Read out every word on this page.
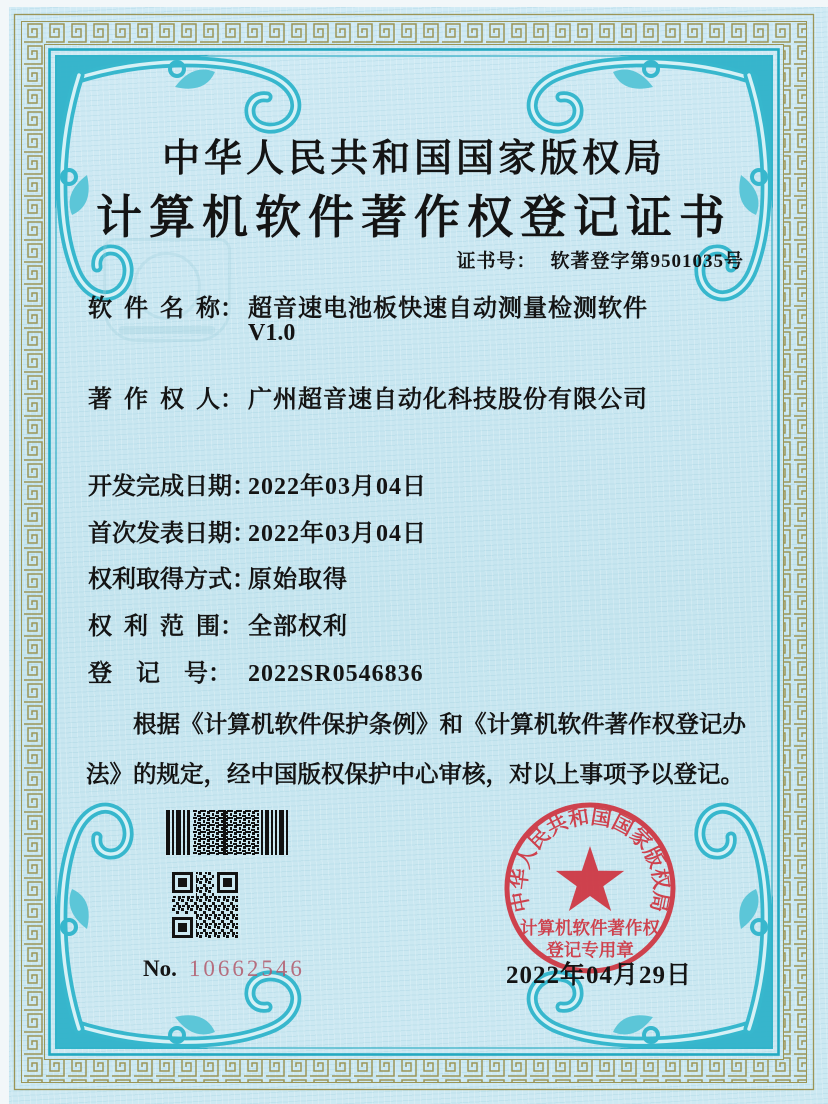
中华人民共和国国家版权局
计算机软件著作权登记证书
证书号： 软著登字第9501035号
软 件 名 称： 超音速电池板快速自动测量检测软件
V1.0
著 作 权 人： 广州超音速自动化科技股份有限公司
开发完成日期：2022年03月04日
首次发表日期：2022年03月04日
权利取得方式：原始取得
权 利 范 围： 全部权利
登 记 号： 2022SR0546836
根据《计算机软件保护条例》和《计算机软件著作权登记办法》的规定，经中国版权保护中心审核，对以上事项予以登记。
No. 10662546
中华人民共和国国家版权局
计算机软件著作权
登记专用章
2022年04月29日
